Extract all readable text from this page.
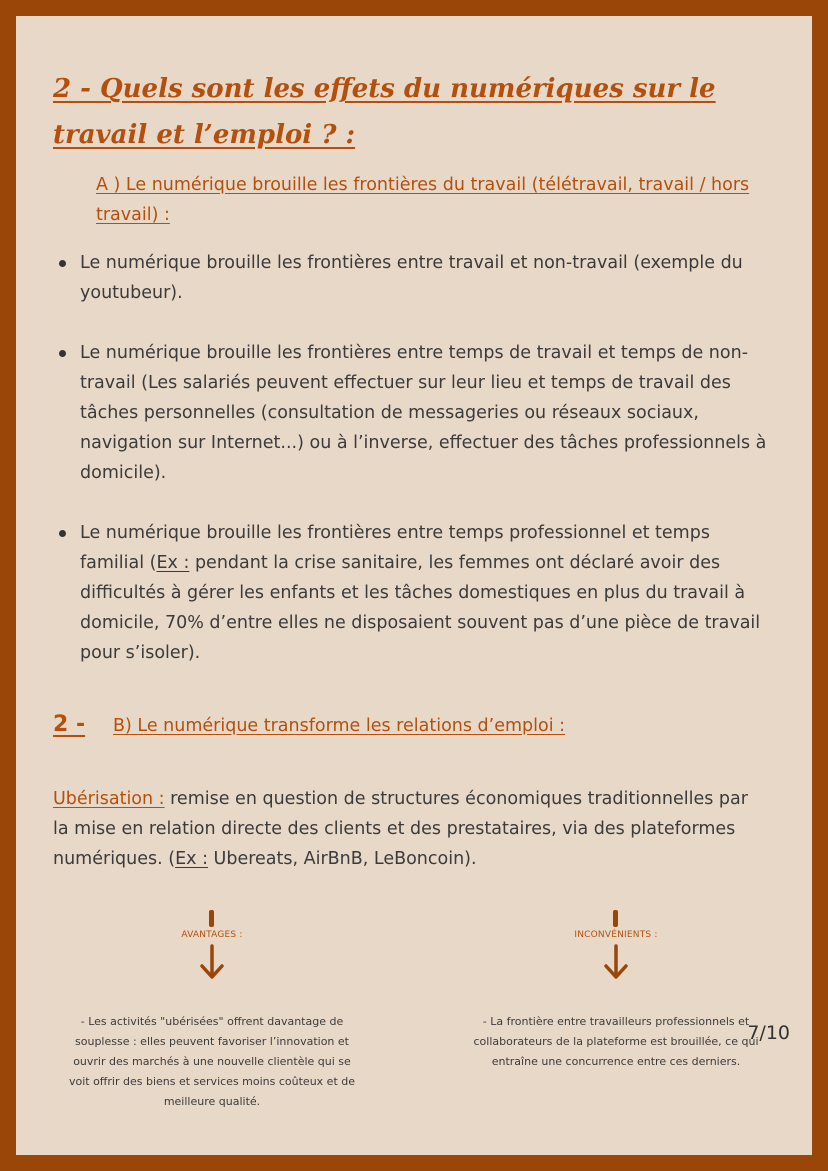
2 - Quels sont les effets du numériques sur le travail et l’emploi ? :
A ) Le numérique brouille les frontières du travail (télétravail, travail / hors travail) :
Le numérique brouille les frontières entre travail et non-travail (exemple du youtubeur).
Le numérique brouille les frontières entre temps de travail et temps de non-travail (Les salariés peuvent effectuer sur leur lieu et temps de travail des tâches personnelles (consultation de messageries ou réseaux sociaux, navigation sur Internet...) ou à l’inverse, effectuer des tâches professionnels à domicile).
Le numérique brouille les frontières entre temps professionnel et temps familial (Ex : pendant la crise sanitaire, les femmes ont déclaré avoir des difficultés à gérer les enfants et les tâches domestiques en plus du travail à domicile, 70% d’entre elles ne disposaient souvent pas d’une pièce de travail pour s’isoler).
2 - B) Le numérique transforme les relations d’emploi :
Ubérisation : remise en question de structures économiques traditionnelles par la mise en relation directe des clients et des prestataires, via des plateformes numériques. (Ex : Ubereats, AirBnB, LeBoncoin).
AVANTAGES :
- Les activités "ubérisées" offrent davantage de souplesse : elles peuvent favoriser l’innovation et ouvrir des marchés à une nouvelle clientèle qui se voit offrir des biens et services moins coûteux et de meilleure qualité.
INCONVÉNIENTS :
- La frontière entre travailleurs professionnels et collaborateurs de la plateforme est brouillée, ce qui entraîne une concurrence entre ces derniers.
7/10
